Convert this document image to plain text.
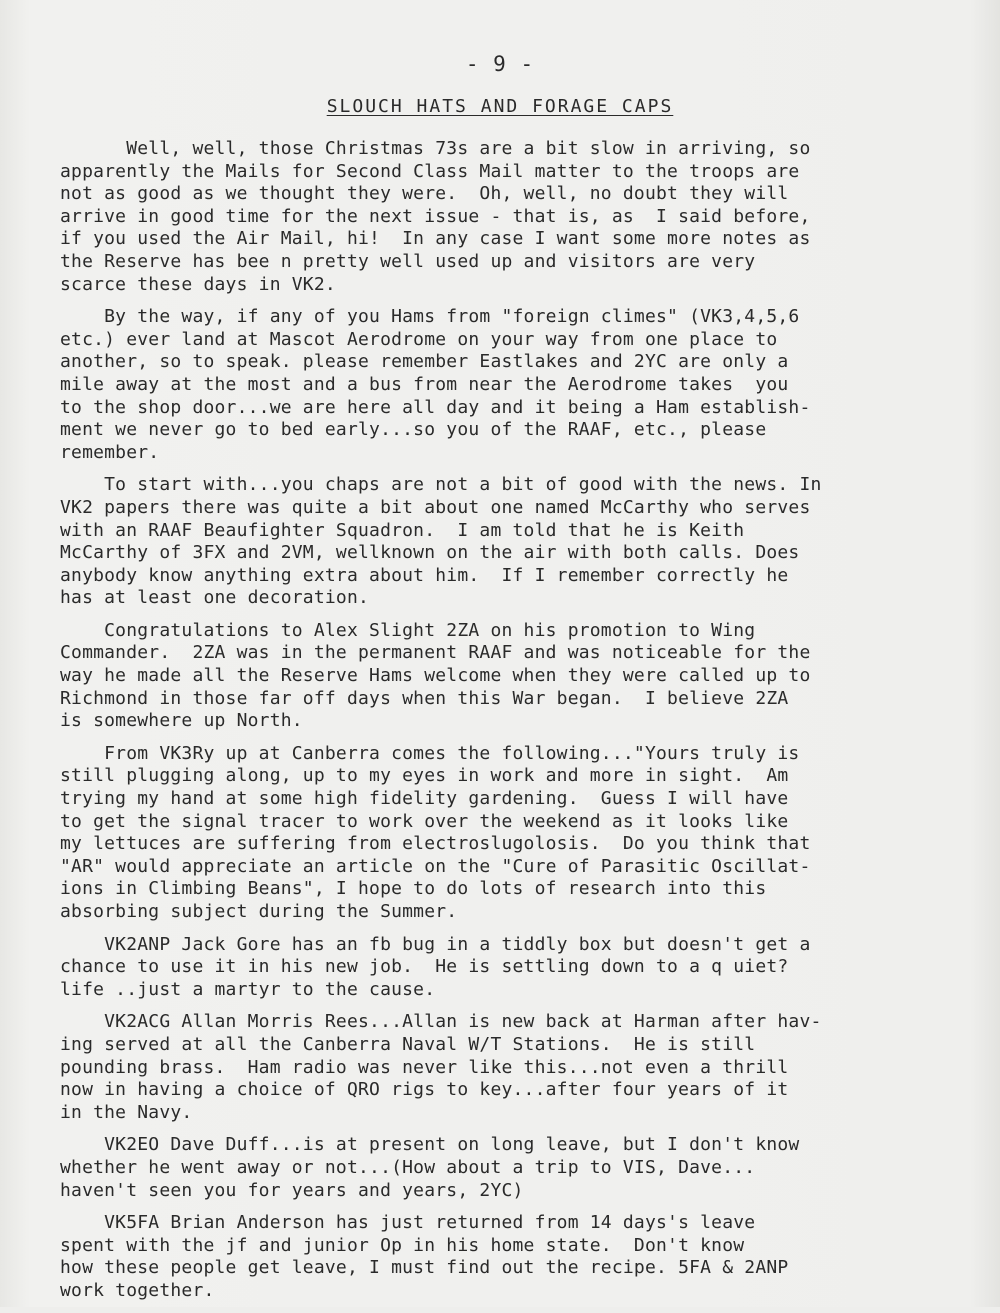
- 9 -
SLOUCH HATS AND FORAGE CAPS
Well, well, those Christmas 73s are a bit slow in arriving, so
apparently the Mails for Second Class Mail matter to the troops are
not as good as we thought they were.  Oh, well, no doubt they will
arrive in good time for the next issue - that is, as  I said before,
if you used the Air Mail, hi!  In any case I want some more notes as
the Reserve has bee n pretty well used up and visitors are very
scarce these days in VK2.
By the way, if any of you Hams from "foreign climes" (VK3,4,5,6
etc.) ever land at Mascot Aerodrome on your way from one place to
another, so to speak. please remember Eastlakes and 2YC are only a
mile away at the most and a bus from near the Aerodrome takes  you
to the shop door...we are here all day and it being a Ham establish-
ment we never go to bed early...so you of the RAAF, etc., please
remember.
To start with...you chaps are not a bit of good with the news. In
VK2 papers there was quite a bit about one named McCarthy who serves
with an RAAF Beaufighter Squadron.  I am told that he is Keith
McCarthy of 3FX and 2VM, wellknown on the air with both calls. Does
anybody know anything extra about him.  If I remember correctly he
has at least one decoration.
Congratulations to Alex Slight 2ZA on his promotion to Wing
Commander.  2ZA was in the permanent RAAF and was noticeable for the
way he made all the Reserve Hams welcome when they were called up to
Richmond in those far off days when this War began.  I believe 2ZA
is somewhere up North.
From VK3Ry up at Canberra comes the following..."Yours truly is
still plugging along, up to my eyes in work and more in sight.  Am
trying my hand at some high fidelity gardening.  Guess I will have
to get the signal tracer to work over the weekend as it looks like
my lettuces are suffering from electroslugolosis.  Do you think that
"AR" would appreciate an article on the "Cure of Parasitic Oscillat-
ions in Climbing Beans", I hope to do lots of research into this
absorbing subject during the Summer.
VK2ANP Jack Gore has an fb bug in a tiddly box but doesn't get a
chance to use it in his new job.  He is settling down to a q uiet?
life ..just a martyr to the cause.
VK2ACG Allan Morris Rees...Allan is new back at Harman after hav-
ing served at all the Canberra Naval W/T Stations.  He is still
pounding brass.  Ham radio was never like this...not even a thrill
now in having a choice of QRO rigs to key...after four years of it
in the Navy.
VK2EO Dave Duff...is at present on long leave, but I don't know
whether he went away or not...(How about a trip to VIS, Dave...
haven't seen you for years and years, 2YC)
VK5FA Brian Anderson has just returned from 14 days's leave
spent with the jf and junior Op in his home state.  Don't know
how these people get leave, I must find out the recipe. 5FA & 2ANP
work together.
